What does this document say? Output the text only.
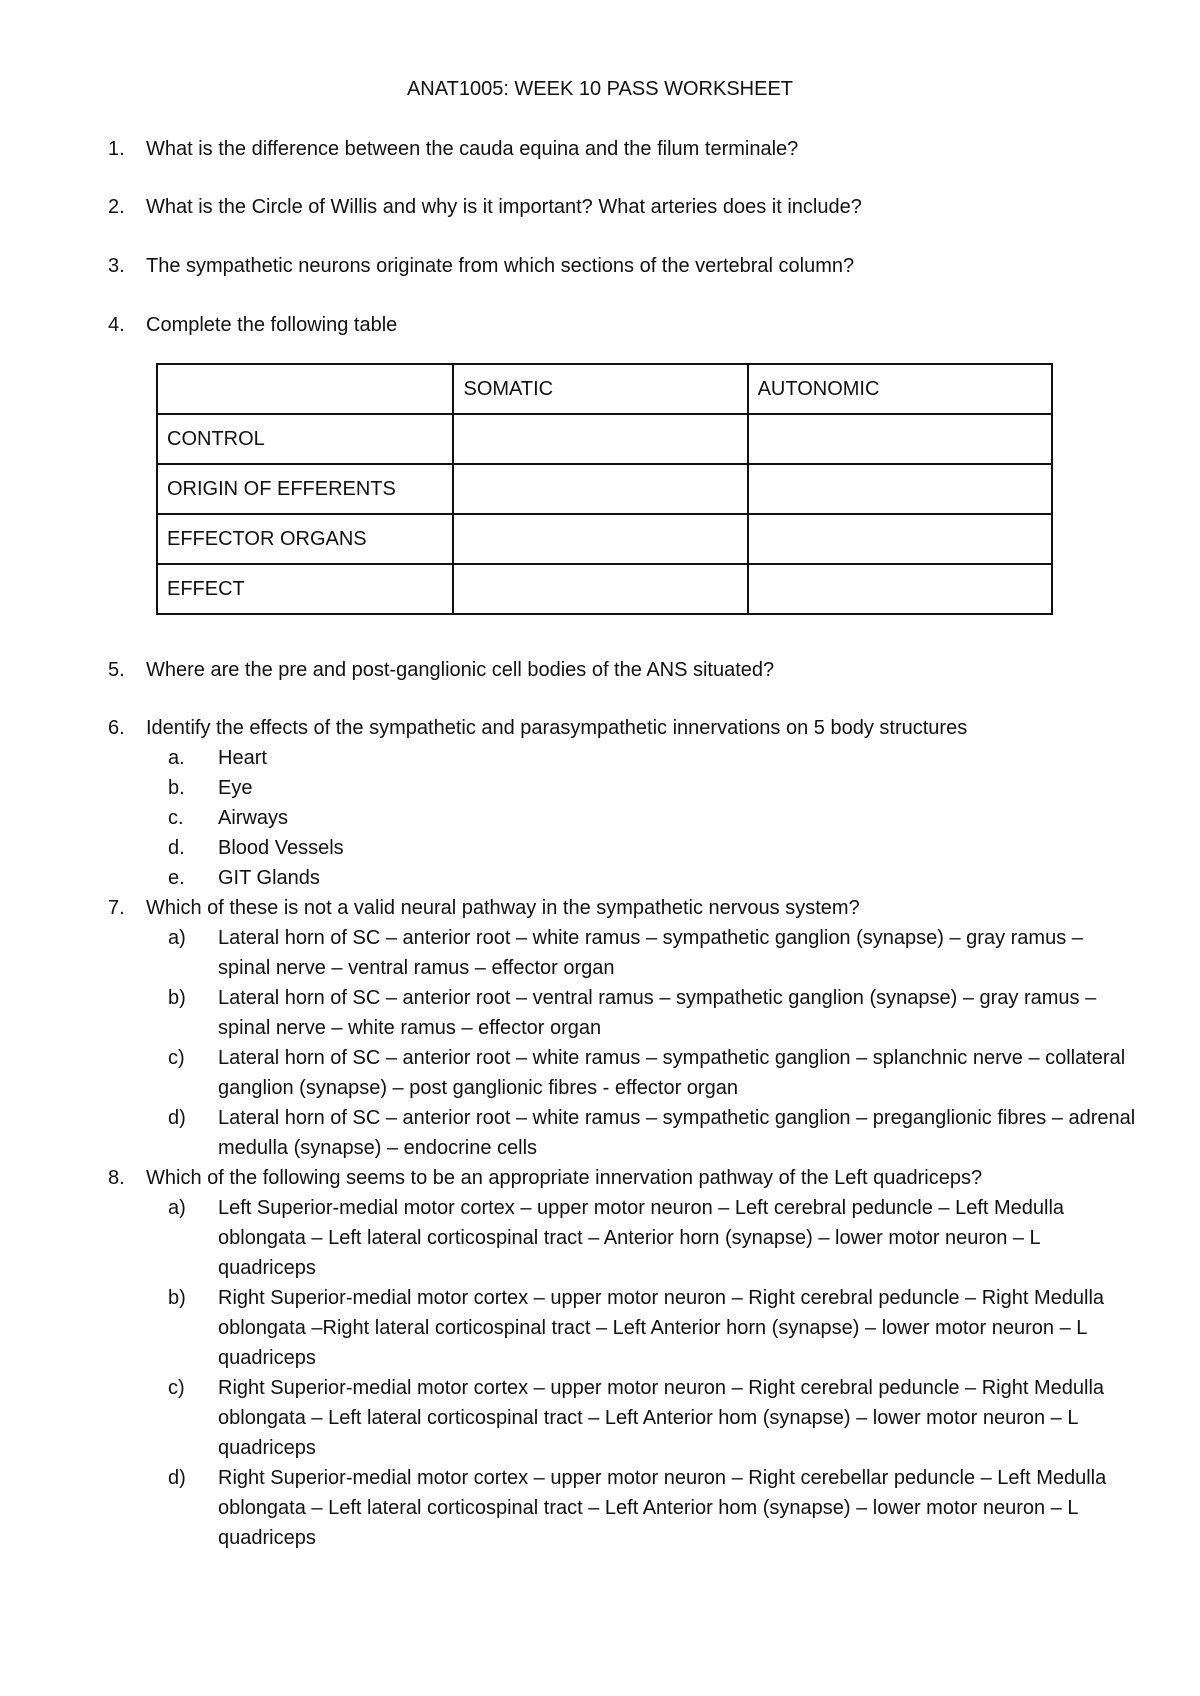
ANAT1005: WEEK 10 PASS WORKSHEET
1. What is the difference between the cauda equina and the filum terminale?
2. What is the Circle of Willis and why is it important? What arteries does it include?
3. The sympathetic neurons originate from which sections of the vertebral column?
4. Complete the following table
	SOMATIC	AUTONOMIC
CONTROL		
ORIGIN OF EFFERENTS		
EFFECTOR ORGANS		
EFFECT		
5. Where are the pre and post-ganglionic cell bodies of the ANS situated?
6. Identify the effects of the sympathetic and parasympathetic innervations on 5 body structures
a. Heart
b. Eye
c. Airways
d. Blood Vessels
e. GIT Glands
7. Which of these is not a valid neural pathway in the sympathetic nervous system?
a) Lateral horn of SC – anterior root – white ramus – sympathetic ganglion (synapse) – gray ramus – spinal nerve – ventral ramus – effector organ
b) Lateral horn of SC – anterior root – ventral ramus – sympathetic ganglion (synapse) – gray ramus – spinal nerve – white ramus – effector organ
c) Lateral horn of SC – anterior root – white ramus – sympathetic ganglion – splanchnic nerve – collateral ganglion (synapse) – post ganglionic fibres - effector organ
d) Lateral horn of SC – anterior root – white ramus – sympathetic ganglion – preganglionic fibres – adrenal medulla (synapse) – endocrine cells
8. Which of the following seems to be an appropriate innervation pathway of the Left quadriceps?
a) Left Superior-medial motor cortex – upper motor neuron – Left cerebral peduncle – Left Medulla oblongata – Left lateral corticospinal tract – Anterior horn (synapse) – lower motor neuron – L quadriceps
b) Right Superior-medial motor cortex – upper motor neuron – Right cerebral peduncle – Right Medulla oblongata –Right lateral corticospinal tract – Left Anterior horn (synapse) – lower motor neuron – L quadriceps
c) Right Superior-medial motor cortex – upper motor neuron – Right cerebral peduncle – Right Medulla oblongata – Left lateral corticospinal tract – Left Anterior hom (synapse) – lower motor neuron – L quadriceps
d) Right Superior-medial motor cortex – upper motor neuron – Right cerebellar peduncle – Left Medulla oblongata – Left lateral corticospinal tract – Left Anterior hom (synapse) – lower motor neuron – L quadriceps
